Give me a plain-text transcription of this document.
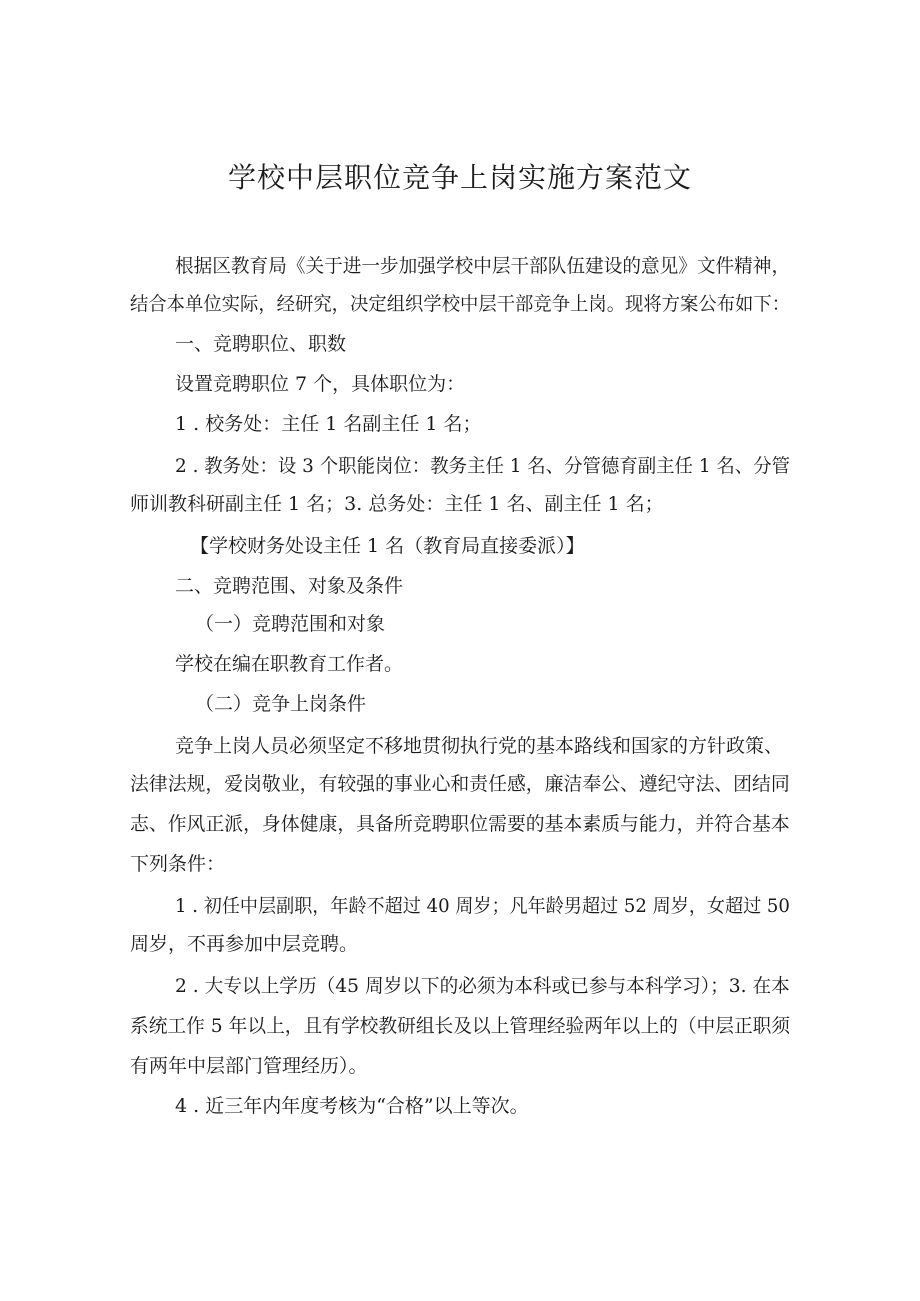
学校中层职位竞争上岗实施方案范文
根据区教育局《关于进一步加强学校中层干部队伍建设的意见》文件精神，
结合本单位实际，经研究，决定组织学校中层干部竞争上岗。现将方案公布如下：
一、竞聘职位、职数
设置竞聘职位 7 个，具体职位为：
1 . 校务处：主任 1 名副主任 1 名；
2 . 教务处：设 3 个职能岗位：教务主任 1 名、分管德育副主任 1 名、分管
师训教科研副主任 1 名；3. 总务处：主任 1 名、副主任 1 名；
【学校财务处设主任 1 名（教育局直接委派）】
二、竞聘范围、对象及条件
（一）竞聘范围和对象
学校在编在职教育工作者。
（二）竞争上岗条件
竞争上岗人员必须坚定不移地贯彻执行党的基本路线和国家的方针政策、
法律法规，爱岗敬业，有较强的事业心和责任感，廉洁奉公、遵纪守法、团结同
志、作风正派，身体健康，具备所竞聘职位需要的基本素质与能力，并符合基本
下列条件：
1 . 初任中层副职，年龄不超过 40 周岁；凡年龄男超过 52 周岁，女超过 50
周岁，不再参加中层竞聘。
2 . 大专以上学历（45 周岁以下的必须为本科或已参与本科学习）；3. 在本
系统工作 5 年以上，且有学校教研组长及以上管理经验两年以上的（中层正职须
有两年中层部门管理经历）。
4 . 近三年内年度考核为“合格”以上等次。
